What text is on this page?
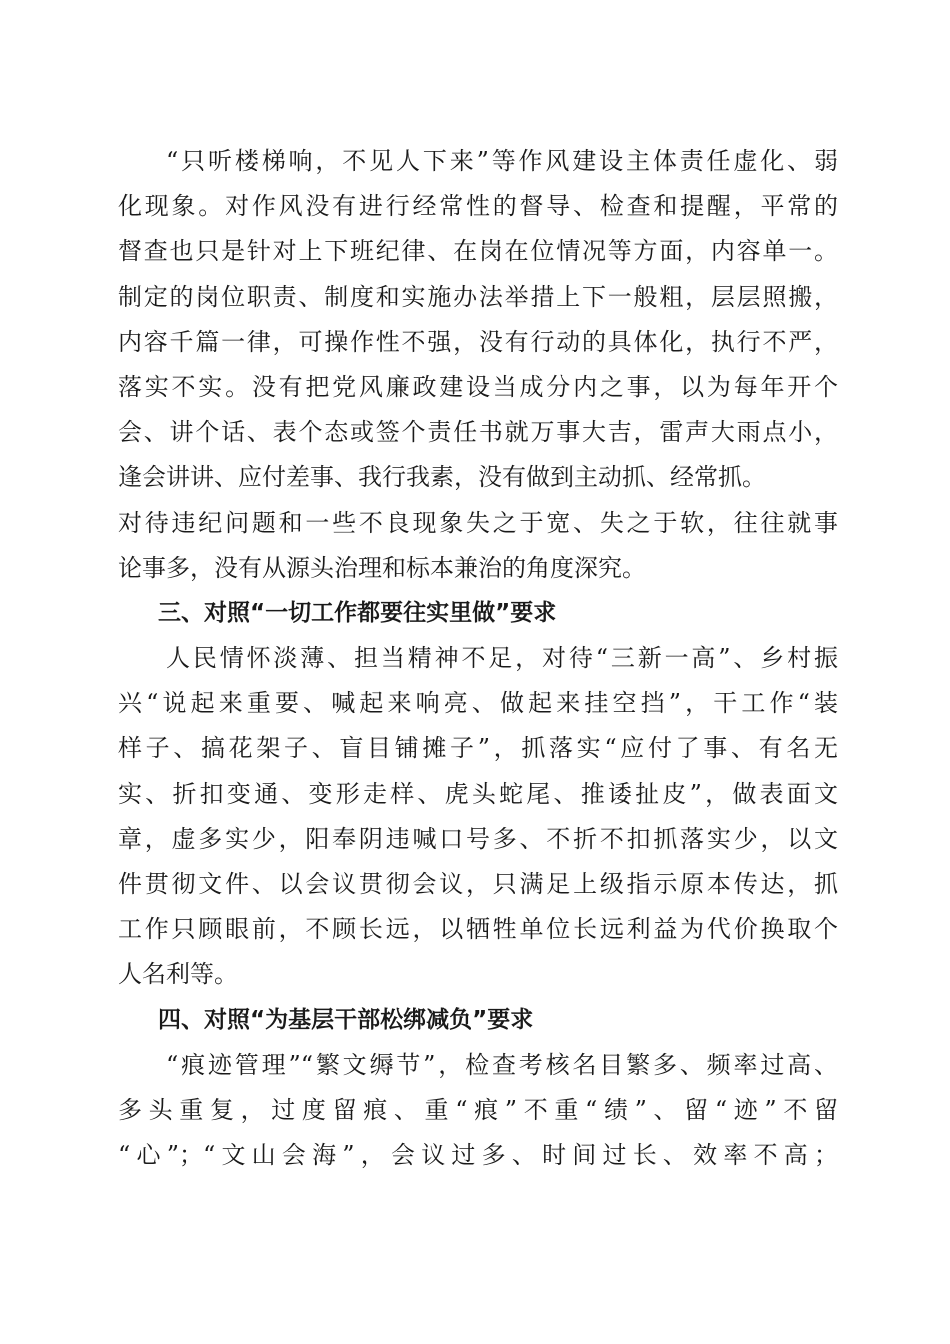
“只听楼梯响，不见人下来”等作风建设主体责任虚化、弱
化现象。对作风没有进行经常性的督导、检查和提醒，平常的
督查也只是针对上下班纪律、在岗在位情况等方面，内容单一。
制定的岗位职责、制度和实施办法举措上下一般粗，层层照搬，
内容千篇一律，可操作性不强，没有行动的具体化，执行不严，
落实不实。没有把党风廉政建设当成分内之事，以为每年开个
会、讲个话、表个态或签个责任书就万事大吉，雷声大雨点小，
逢会讲讲、应付差事、我行我素，没有做到主动抓、经常抓。
对待违纪问题和一些不良现象失之于宽、失之于软，往往就事
论事多，没有从源头治理和标本兼治的角度深究。
三、对照“一切工作都要往实里做”要求
人民情怀淡薄、担当精神不足，对待“三新一高”、乡村振
兴“说起来重要、喊起来响亮、做起来挂空挡”，干工作“装
样子、搞花架子、盲目铺摊子”，抓落实“应付了事、有名无
实、折扣变通、变形走样、虎头蛇尾、推诿扯皮”，做表面文
章，虚多实少，阳奉阴违喊口号多、不折不扣抓落实少，以文
件贯彻文件、以会议贯彻会议，只满足上级指示原本传达，抓
工作只顾眼前，不顾长远，以牺牲单位长远利益为代价换取个
人名利等。
四、对照“为基层干部松绑减负”要求
“痕迹管理”“繁文缛节”，检查考核名目繁多、频率过高、
多头重复，过度留痕、重“痕”不重“绩”、留“迹”不留
“心”；“文山会海”，会议过多、时间过长、效率不高；
